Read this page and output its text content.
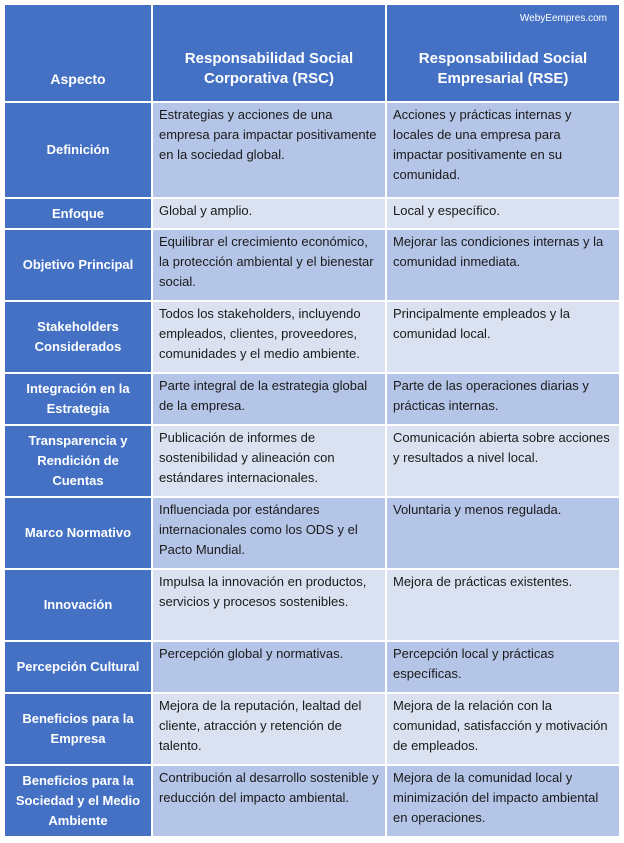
WebyEempres.com
Aspecto	Responsabilidad Social Corporativa (RSC)	Responsabilidad Social Empresarial (RSE)
Definición	Estrategias y acciones de una empresa para impactar positivamente en la sociedad global.	Acciones y prácticas internas y locales de una empresa para impactar positivamente en su comunidad.
Enfoque	Global y amplio.	Local y específico.
Objetivo Principal	Equilibrar el crecimiento económico, la protección ambiental y el bienestar social.	Mejorar las condiciones internas y la comunidad inmediata.
Stakeholders Considerados	Todos los stakeholders, incluyendo empleados, clientes, proveedores, comunidades y el medio ambiente.	Principalmente empleados y la comunidad local.
Integración en la Estrategia	Parte integral de la estrategia global de la empresa.	Parte de las operaciones diarias y prácticas internas.
Transparencia y Rendición de Cuentas	Publicación de informes de sostenibilidad y alineación con estándares internacionales.	Comunicación abierta sobre acciones y resultados a nivel local.
Marco Normativo	Influenciada por estándares internacionales como los ODS y el Pacto Mundial.	Voluntaria y menos regulada.
Innovación	Impulsa la innovación en productos, servicios y procesos sostenibles.	Mejora de prácticas existentes.
Percepción Cultural	Percepción global y normativas.	Percepción local y prácticas específicas.
Beneficios para la Empresa	Mejora de la reputación, lealtad del cliente, atracción y retención de talento.	Mejora de la relación con la comunidad, satisfacción y motivación de empleados.
Beneficios para la Sociedad y el Medio Ambiente	Contribución al desarrollo sostenible y reducción del impacto ambiental.	Mejora de la comunidad local y minimización del impacto ambiental en operaciones.
